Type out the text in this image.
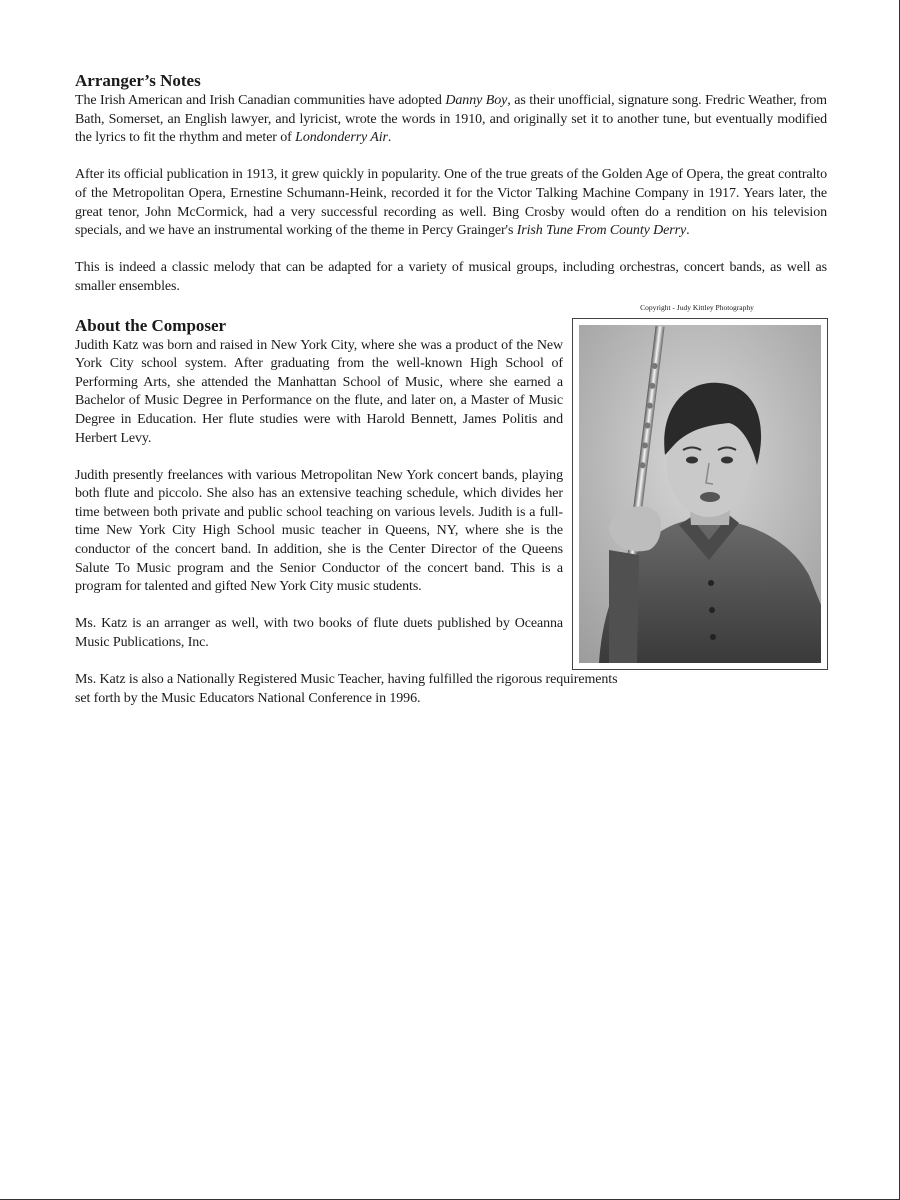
Arranger’s Notes

The Irish American and Irish Canadian communities have adopted Danny Boy, as their unofficial, signature song. Fredric Weather, from Bath, Somerset, an English lawyer, and lyricist, wrote the words in 1910, and originally set it to another tune, but eventually modified the lyrics to fit the rhythm and meter of Londonderry Air.

After its official publication in 1913, it grew quickly in popularity. One of the true greats of the Golden Age of Opera, the great contralto of the Metropolitan Opera, Ernestine Schumann-Heink, recorded it for the Victor Talking Machine Company in 1917. Years later, the great tenor, John McCormick, had a very successful recording as well. Bing Crosby would often do a rendition on his television specials, and we have an instrumental working of the theme in Percy Grainger's Irish Tune From County Derry.

This is indeed a classic melody that can be adapted for a variety of musical groups, including orchestras, concert bands, as well as smaller ensembles.

About the Composer

Judith Katz was born and raised in New York City, where she was a product of the New York City school system. After graduating from the well-known High School of Performing Arts, she attended the Manhattan School of Music, where she earned a Bachelor of Music Degree in Performance on the flute, and later on, a Master of Music Degree in Education. Her flute studies were with Harold Bennett, James Politis and Herbert Levy.

Judith presently freelances with various Metropolitan New York concert bands, playing both flute and piccolo. She also has an extensive teaching schedule, which divides her time between both private and public school teaching on various levels. Judith is a full-time New York City High School music teacher in Queens, NY, where she is the conductor of the concert band. In addition, she is the Center Director of the Queens Salute To Music program and the Senior Conductor of the concert band. This is a program for talented and gifted New York City music students.

Ms. Katz is an arranger as well, with two books of flute duets published by Oceanna Music Publications, Inc.

Ms. Katz is also a Nationally Registered Music Teacher, having fulfilled the rigorous requirements set forth by the Music Educators National Conference in 1996.

Copyright - Judy Kittley Photography
